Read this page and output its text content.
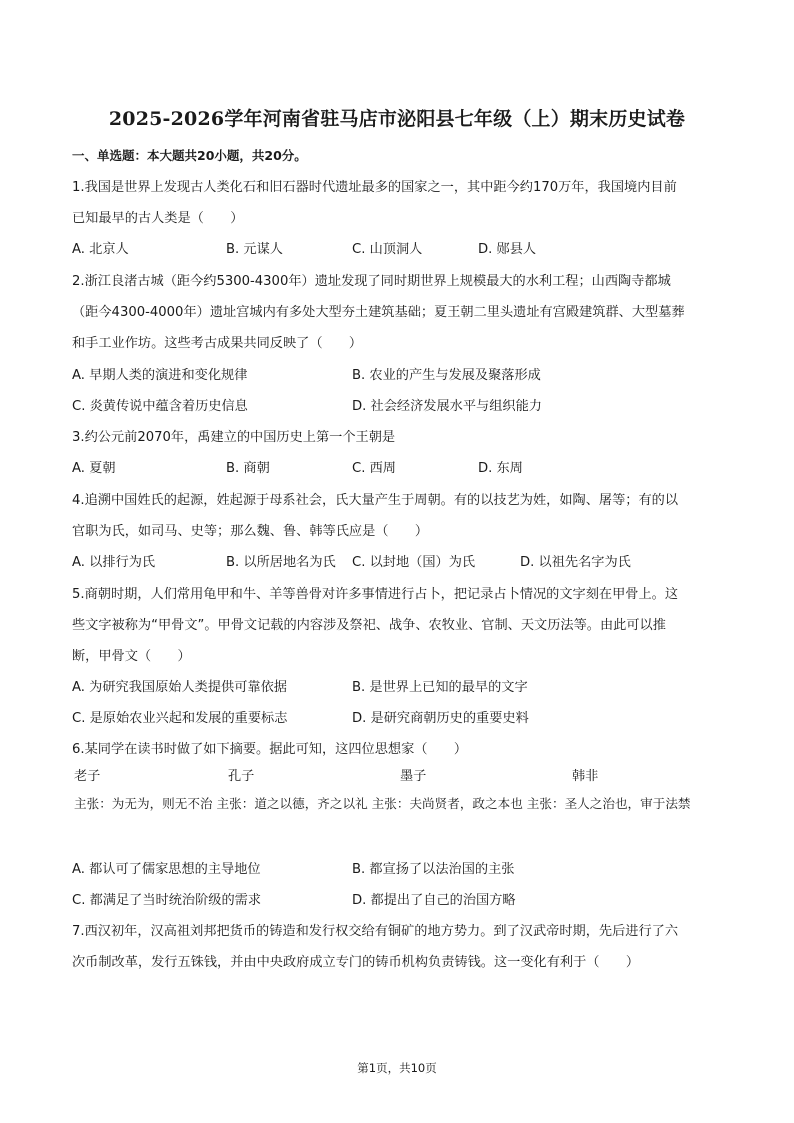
2025-2026学年河南省驻马店市泌阳县七年级（上）期末历史试卷
一、单选题：本大题共20小题，共20分。
1.我国是世界上发现古人类化石和旧石器时代遗址最多的国家之一，其中距今约170万年，我国境内目前
已知最早的古人类是（　　）
A. 北京人	B. 元谋人	C. 山顶洞人	D. 郧县人
2.浙江良渚古城（距今约5300-4300年）遗址发现了同时期世界上规模最大的水利工程；山西陶寺都城
（距今4300-4000年）遗址宫城内有多处大型夯土建筑基础；夏王朝二里头遗址有宫殿建筑群、大型墓葬
和手工业作坊。这些考古成果共同反映了（　　）
A. 早期人类的演进和变化规律	B. 农业的产生与发展及聚落形成
C. 炎黄传说中蕴含着历史信息	D. 社会经济发展水平与组织能力
3.约公元前2070年，禹建立的中国历史上第一个王朝是
A. 夏朝	B. 商朝	C. 西周	D. 东周
4.追溯中国姓氏的起源，姓起源于母系社会，氏大量产生于周朝。有的以技艺为姓，如陶、屠等；有的以
官职为氏，如司马、史等；那么魏、鲁、韩等氏应是（　　）
A. 以排行为氏	B. 以所居地名为氏 C. 以封地（国）为氏	D. 以祖先名字为氏
5.商朝时期，人们常用龟甲和牛、羊等兽骨对许多事情进行占卜，把记录占卜情况的文字刻在甲骨上。这
些文字被称为“甲骨文”。甲骨文记载的内容涉及祭祀、战争、农牧业、官制、天文历法等。由此可以推
断，甲骨文（　　）
A. 为研究我国原始人类提供可靠依据	B. 是世界上已知的最早的文字
C. 是原始农业兴起和发展的重要标志	D. 是研究商朝历史的重要史料
6.某同学在读书时做了如下摘要。据此可知，这四位思想家（　　）
老子	孔子	墨子	韩非
主张：为无为，则无不治 主张：道之以德，齐之以礼 主张：夫尚贤者，政之本也 主张：圣人之治也，审于法禁
A. 都认可了儒家思想的主导地位	B. 都宣扬了以法治国的主张
C. 都满足了当时统治阶级的需求	D. 都提出了自己的治国方略
7.西汉初年，汉高祖刘邦把货币的铸造和发行权交给有铜矿的地方势力。到了汉武帝时期，先后进行了六
次币制改革，发行五铢钱，并由中央政府成立专门的铸币机构负责铸钱。这一变化有利于（　　）
第1页，共10页
